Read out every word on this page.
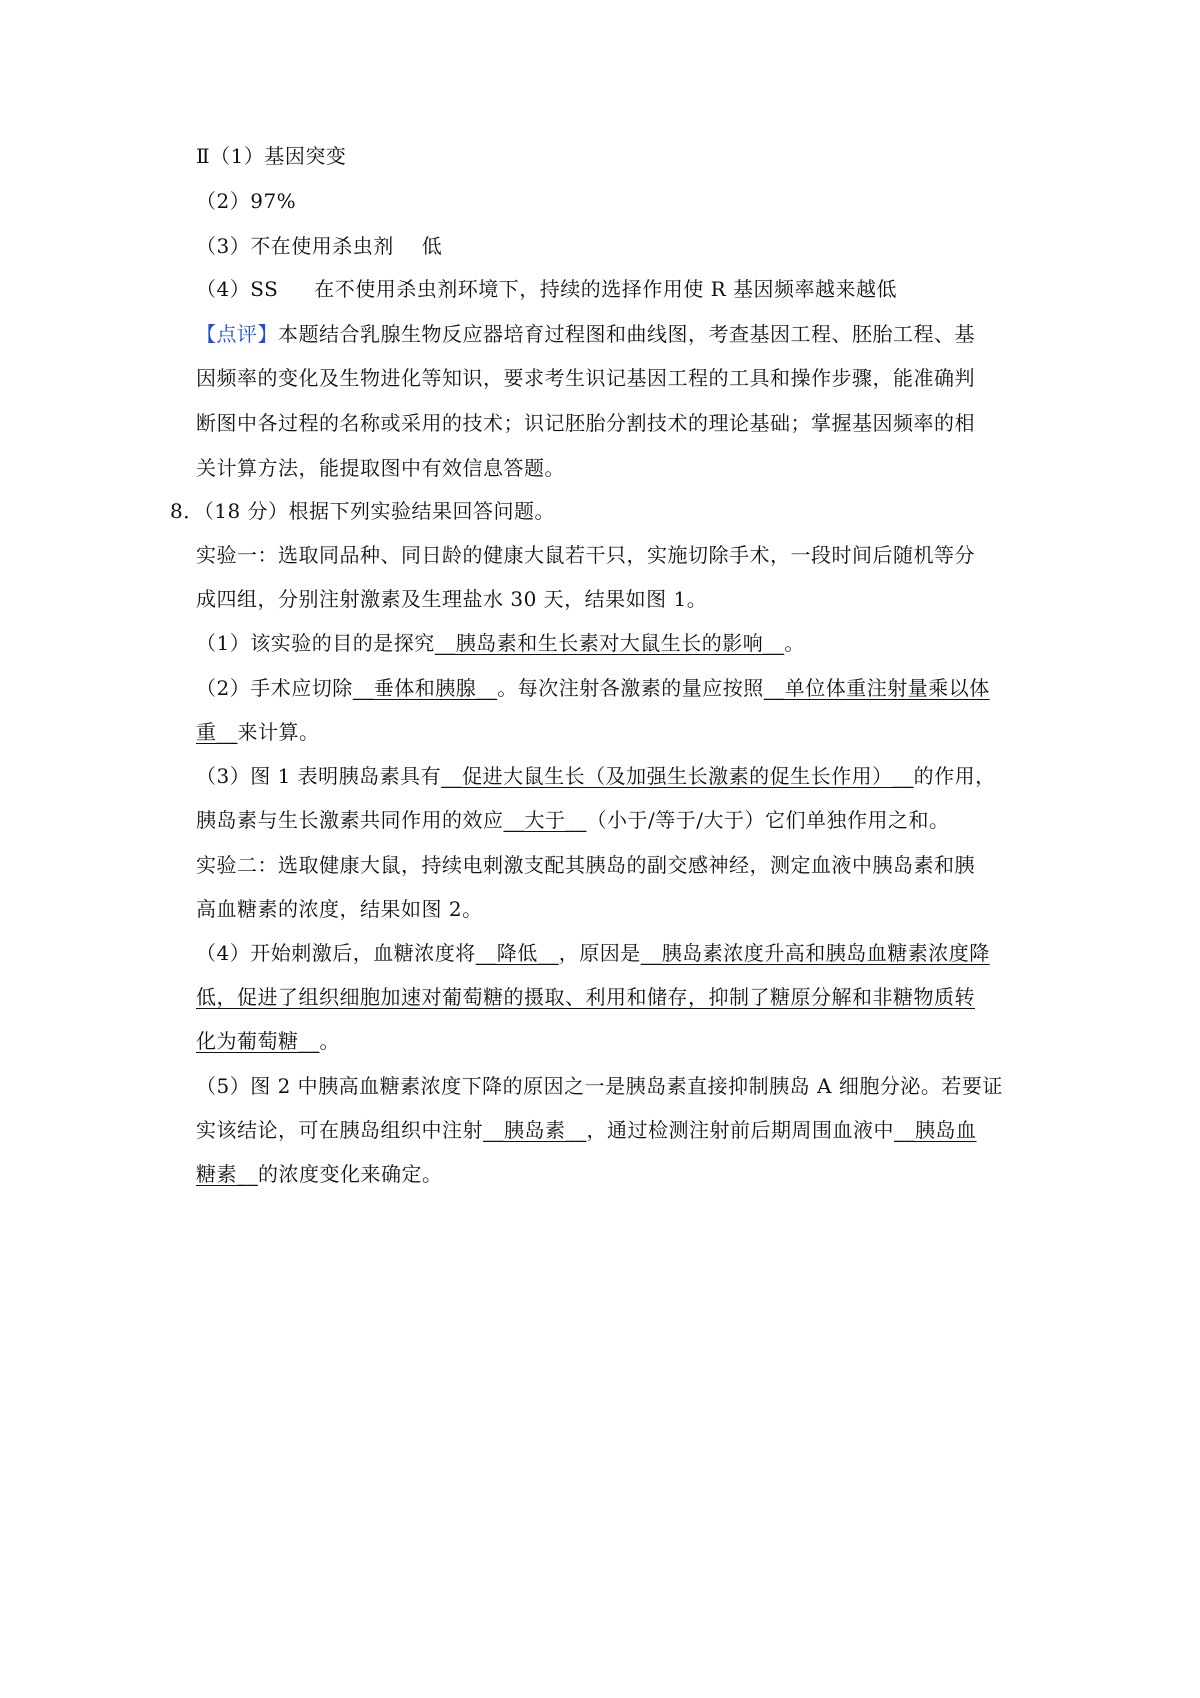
Ⅱ（1）基因突变
（2）97%
（3）不在使用杀虫剂 低
（4）SS 在不使用杀虫剂环境下，持续的选择作用使 R 基因频率越来越低
【点评】本题结合乳腺生物反应器培育过程图和曲线图，考查基因工程、胚胎工程、基
因频率的变化及生物进化等知识，要求考生识记基因工程的工具和操作步骤，能准确判
断图中各过程的名称或采用的技术；识记胚胎分割技术的理论基础；掌握基因频率的相
关计算方法，能提取图中有效信息答题。
8．（18 分）根据下列实验结果回答问题。
实验一：选取同品种、同日龄的健康大鼠若干只，实施切除手术，一段时间后随机等分
成四组，分别注射激素及生理盐水 30 天，结果如图 1。
（1）该实验的目的是探究__胰岛素和生长素对大鼠生长的影响__。
（2）手术应切除__垂体和胰腺__。每次注射各激素的量应按照__单位体重注射量乘以体
重__来计算。
（3）图 1 表明胰岛素具有__促进大鼠生长（及加强生长激素的促生长作用）__的作用，
胰岛素与生长激素共同作用的效应__大于__（小于/等于/大于）它们单独作用之和。
实验二：选取健康大鼠，持续电刺激支配其胰岛的副交感神经，测定血液中胰岛素和胰
高血糖素的浓度，结果如图 2。
（4）开始刺激后，血糖浓度将__降低__，原因是__胰岛素浓度升高和胰岛血糖素浓度降
低，促进了组织细胞加速对葡萄糖的摄取、利用和储存，抑制了糖原分解和非糖物质转
化为葡萄糖__。
（5）图 2 中胰高血糖素浓度下降的原因之一是胰岛素直接抑制胰岛 A 细胞分泌。若要证
实该结论，可在胰岛组织中注射__胰岛素__，通过检测注射前后期周围血液中__胰岛血
糖素__的浓度变化来确定。
